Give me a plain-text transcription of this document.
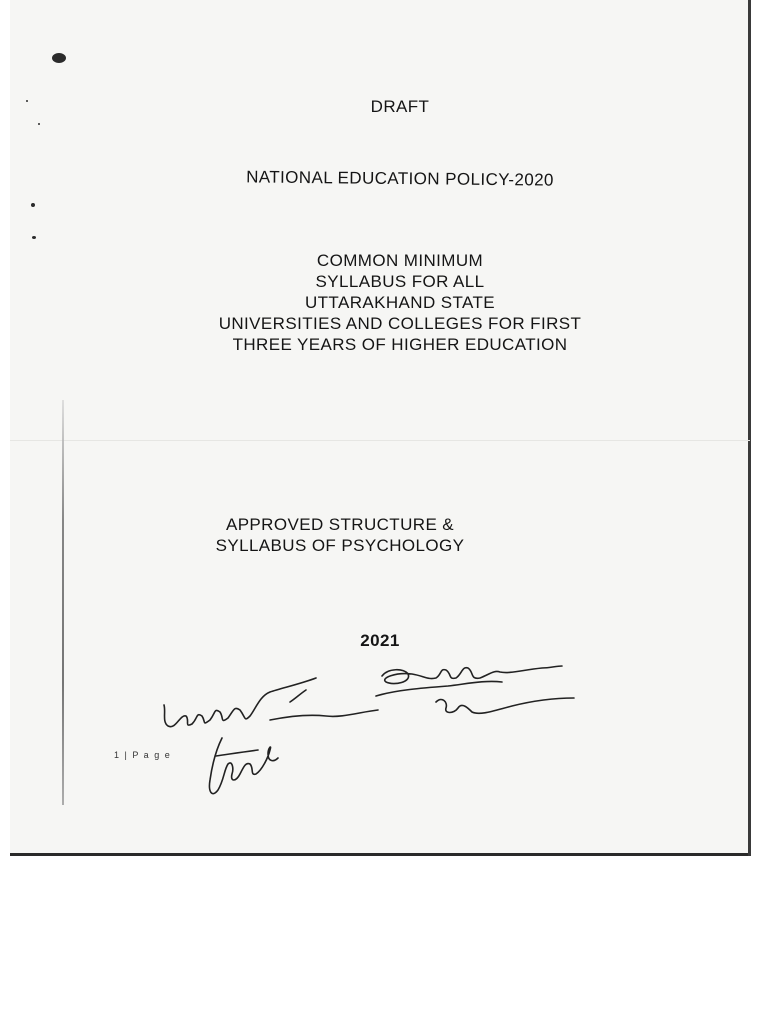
DRAFT

NATIONAL EDUCATION POLICY-2020

COMMON MINIMUM
SYLLABUS FOR ALL
UTTARAKHAND STATE
UNIVERSITIES AND COLLEGES FOR FIRST
THREE YEARS OF HIGHER EDUCATION
APPROVED STRUCTURE &
SYLLABUS OF PSYCHOLOGY

2021

1 | P a g e
